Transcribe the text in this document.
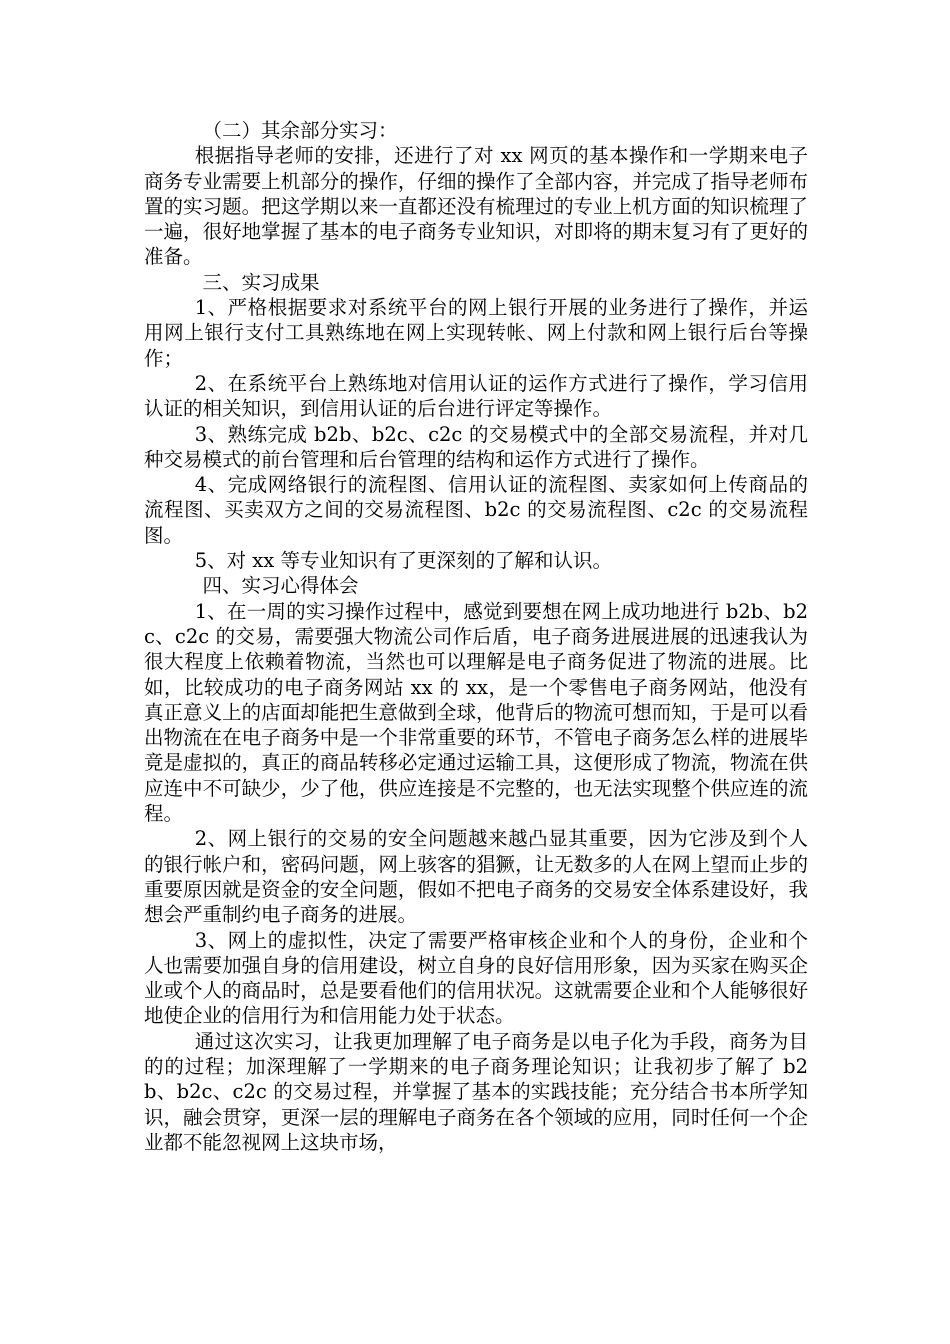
（二）其余部分实习：

根据指导老师的安排，还进行了对 xx 网页的基本操作和一学期来电子商务专业需要上机部分的操作，仔细的操作了全部内容，并完成了指导老师布置的实习题。把这学期以来一直都还没有梳理过的专业上机方面的知识梳理了一遍，很好地掌握了基本的电子商务专业知识，对即将的期末复习有了更好的准备。

三、实习成果

1、严格根据要求对系统平台的网上银行开展的业务进行了操作，并运用网上银行支付工具熟练地在网上实现转帐、网上付款和网上银行后台等操作；

2、在系统平台上熟练地对信用认证的运作方式进行了操作，学习信用认证的相关知识，到信用认证的后台进行评定等操作。

3、熟练完成 b2b、b2c、c2c 的交易模式中的全部交易流程，并对几种交易模式的前台管理和后台管理的结构和运作方式进行了操作。

4、完成网络银行的流程图、信用认证的流程图、卖家如何上传商品的流程图、买卖双方之间的交易流程图、b2c 的交易流程图、c2c 的交易流程图。

5、对 xx 等专业知识有了更深刻的了解和认识。

四、实习心得体会

1、在一周的实习操作过程中，感觉到要想在网上成功地进行 b2b、b2c、c2c 的交易，需要强大物流公司作后盾，电子商务进展进展的迅速我认为很大程度上依赖着物流，当然也可以理解是电子商务促进了物流的进展。比如，比较成功的电子商务网站 xx 的 xx，是一个零售电子商务网站，他没有真正意义上的店面却能把生意做到全球，他背后的物流可想而知，于是可以看出物流在在电子商务中是一个非常重要的环节，不管电子商务怎么样的进展毕竟是虚拟的，真正的商品转移必定通过运输工具，这便形成了物流，物流在供应连中不可缺少，少了他，供应连接是不完整的，也无法实现整个供应连的流程。

2、网上银行的交易的安全问题越来越凸显其重要，因为它涉及到个人的银行帐户和，密码问题，网上骇客的猖獗，让无数多的人在网上望而止步的重要原因就是资金的安全问题，假如不把电子商务的交易安全体系建设好，我想会严重制约电子商务的进展。

3、网上的虚拟性，决定了需要严格审核企业和个人的身份，企业和个人也需要加强自身的信用建设，树立自身的良好信用形象，因为买家在购买企业或个人的商品时，总是要看他们的信用状况。这就需要企业和个人能够很好地使企业的信用行为和信用能力处于状态。

通过这次实习，让我更加理解了电子商务是以电子化为手段，商务为目的的过程；加深理解了一学期来的电子商务理论知识；让我初步了解了 b2b、b2c、c2c 的交易过程，并掌握了基本的实践技能；充分结合书本所学知识，融会贯穿，更深一层的理解电子商务在各个领域的应用，同时任何一个企业都不能忽视网上这块市场，
